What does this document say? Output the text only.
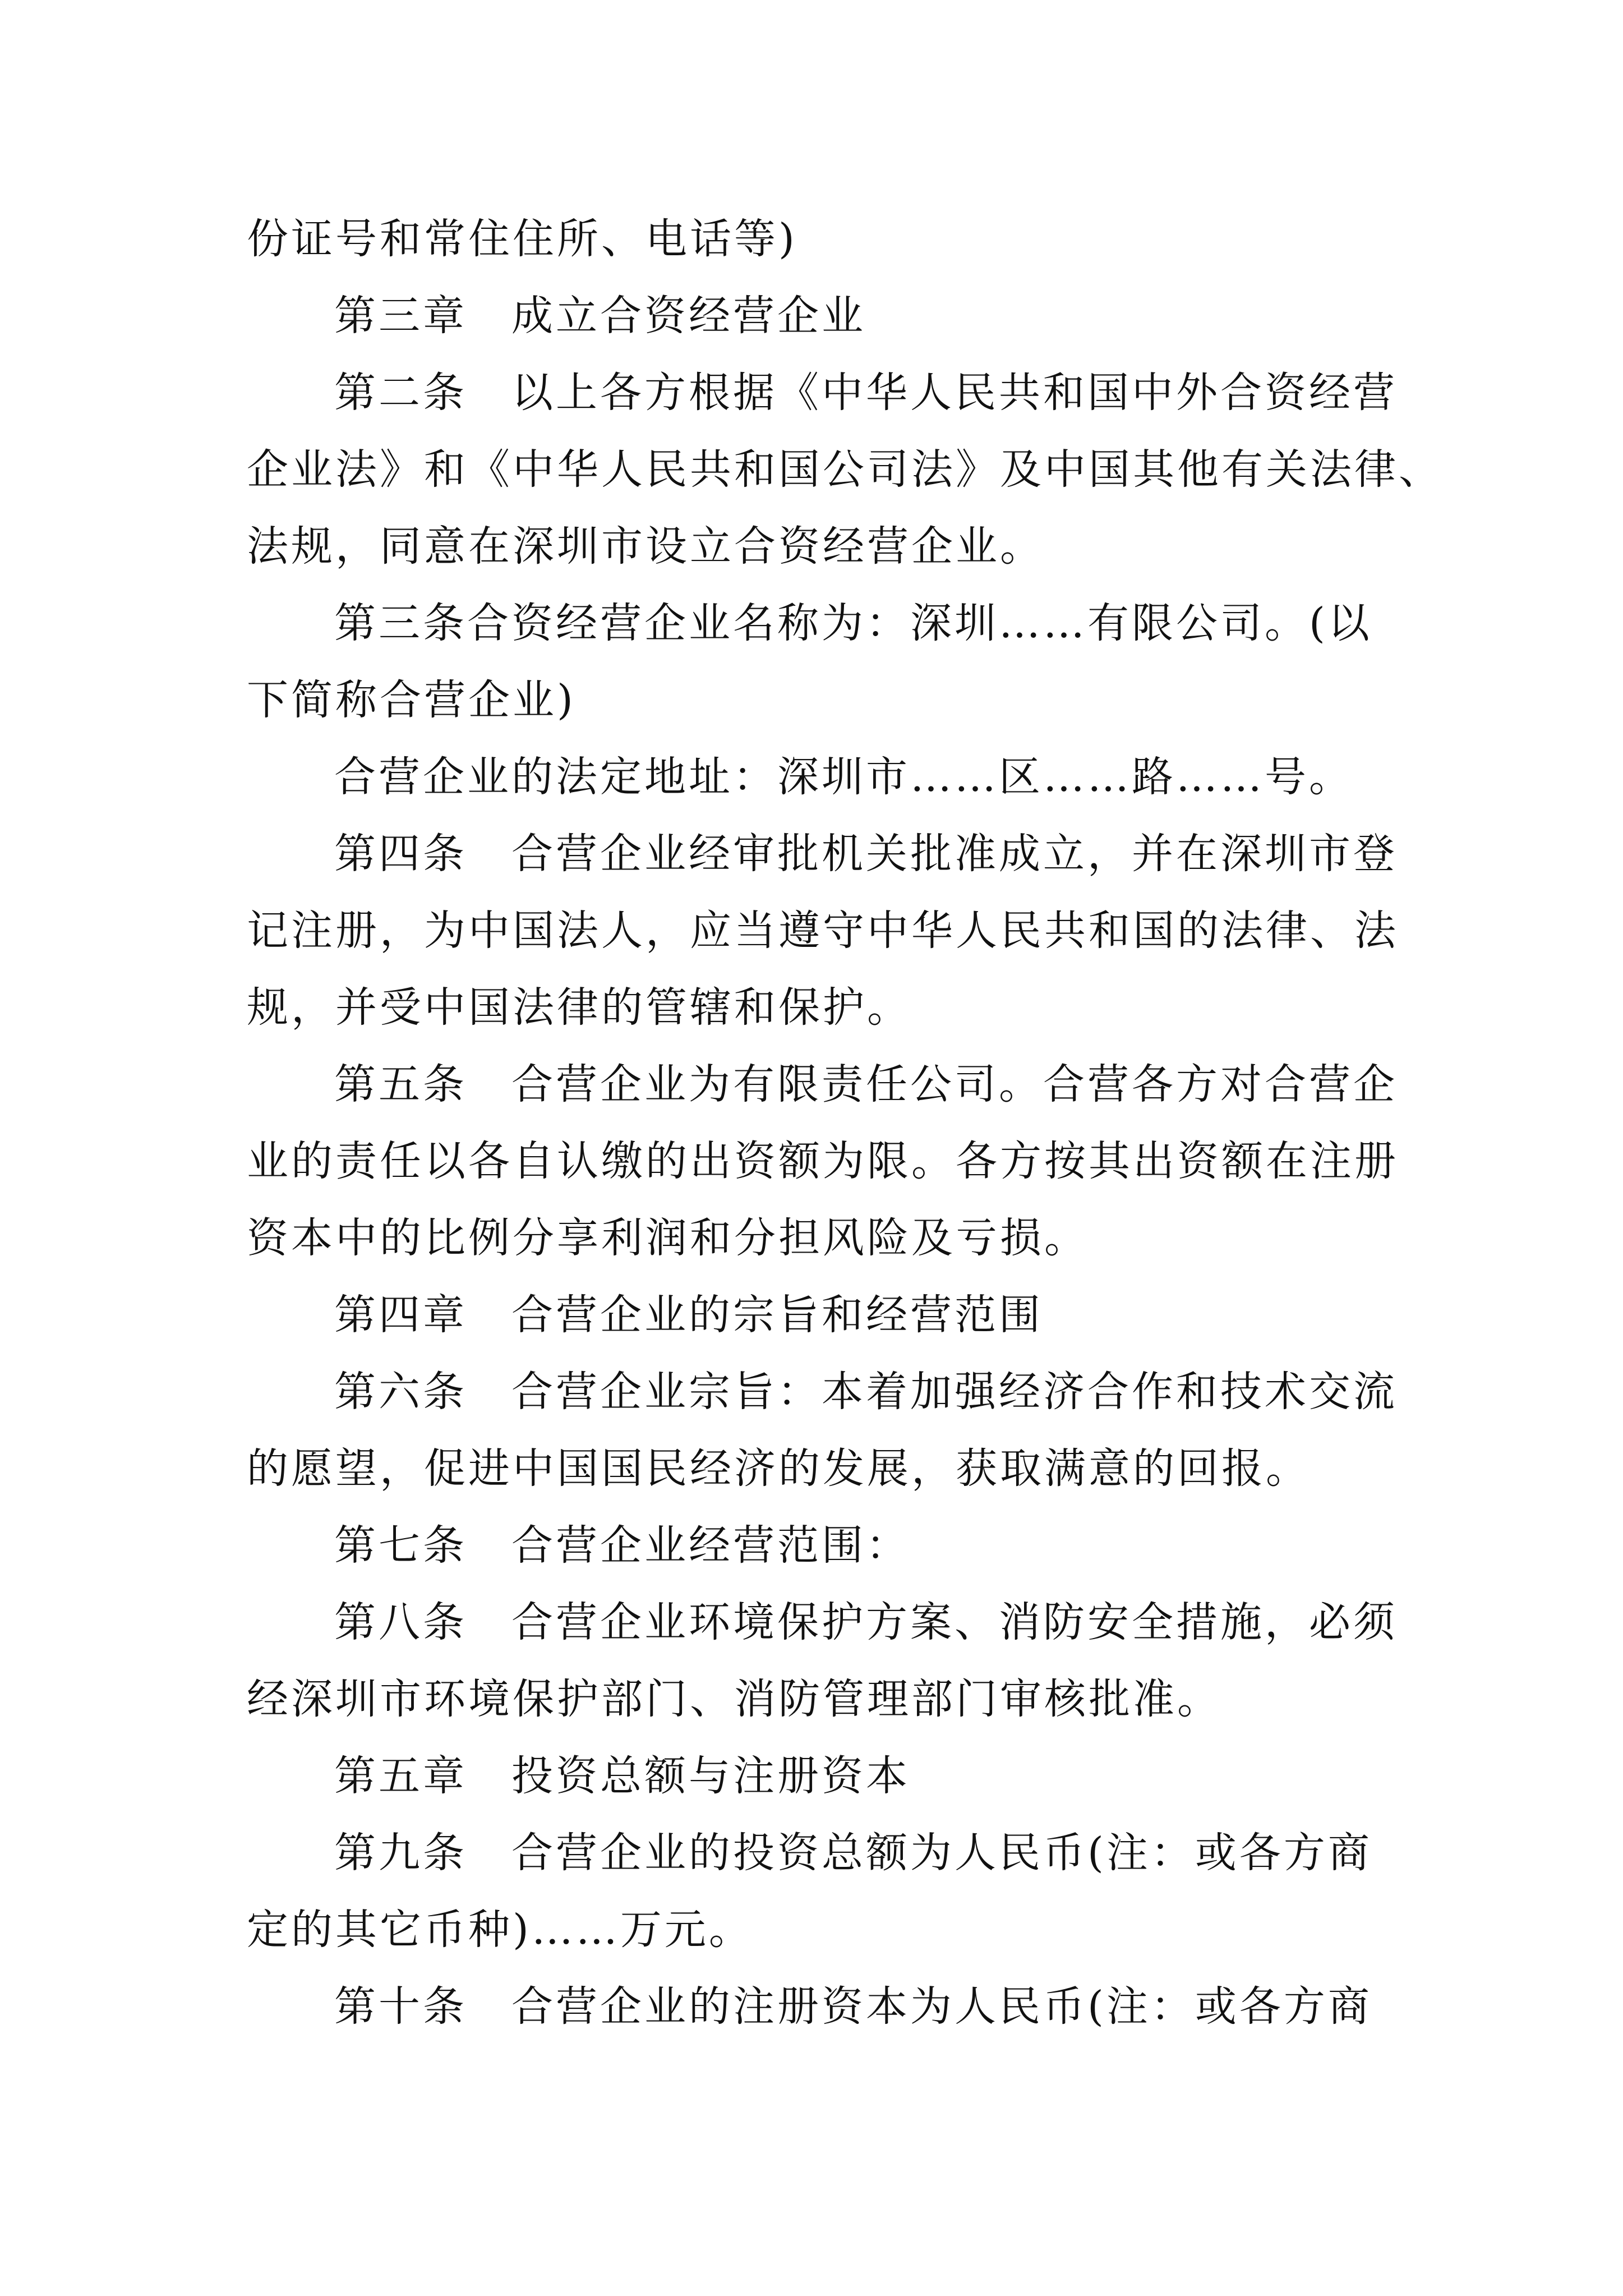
份证号和常住住所、电话等)
第三章　成立合资经营企业
第二条　以上各方根据《中华人民共和国中外合资经营
企业法》和《中华人民共和国公司法》及中国其他有关法律、
法规，同意在深圳市设立合资经营企业。
第三条合资经营企业名称为：深圳……有限公司。(以
下简称合营企业)
合营企业的法定地址：深圳市……区……路……号。
第四条　合营企业经审批机关批准成立，并在深圳市登
记注册，为中国法人，应当遵守中华人民共和国的法律、法
规，并受中国法律的管辖和保护。
第五条　合营企业为有限责任公司。合营各方对合营企
业的责任以各自认缴的出资额为限。各方按其出资额在注册
资本中的比例分享利润和分担风险及亏损。
第四章　合营企业的宗旨和经营范围
第六条　合营企业宗旨：本着加强经济合作和技术交流
的愿望，促进中国国民经济的发展，获取满意的回报。
第七条　合营企业经营范围：
第八条　合营企业环境保护方案、消防安全措施，必须
经深圳市环境保护部门、消防管理部门审核批准。
第五章　投资总额与注册资本
第九条　合营企业的投资总额为人民币(注：或各方商
定的其它币种)……万元。
第十条　合营企业的注册资本为人民币(注：或各方商
